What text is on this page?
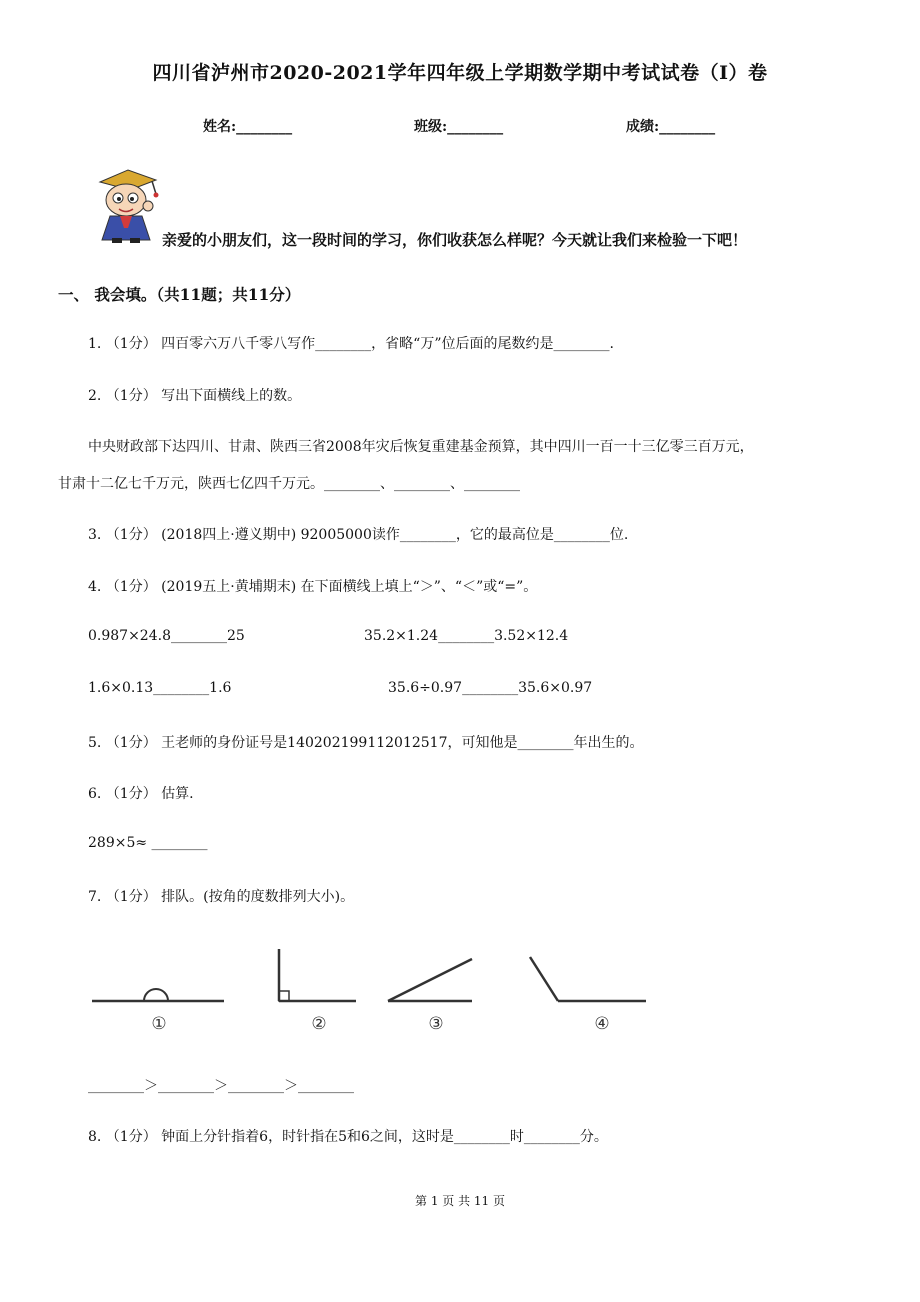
四川省泸州市2020-2021学年四年级上学期数学期中考试试卷（I）卷
姓名:________	班级:________	成绩:________
亲爱的小朋友们，这一段时间的学习，你们收获怎么样呢？今天就让我们来检验一下吧！
一、 我会填。（共11题；共11分）
1. （1分） 四百零六万八千零八写作________，省略“万”位后面的尾数约是________.
2. （1分） 写出下面横线上的数。
中央财政部下达四川、甘肃、陕西三省2008年灾后恢复重建基金预算，其中四川一百一十三亿零三百万元，
甘肃十二亿七千万元，陕西七亿四千万元。________、________、________
3. （1分） (2018四上·遵义期中) 92005000读作________，它的最高位是________位.
4. （1分） (2019五上·黄埔期末) 在下面横线上填上“＞”、“＜”或“=”。
0.987×24.8________25	35.2×1.24________3.52×12.4
1.6×0.13________1.6	35.6÷0.97________35.6×0.97
5. （1分） 王老师的身份证号是140202199112012517，可知他是________年出生的。
6. （1分） 估算.
289×5≈ ________
7. （1分） 排队。(按角的度数排列大小)。
①	②	③	④
________＞________＞________＞________
8. （1分） 钟面上分针指着6，时针指在5和6之间，这时是________时________分。
第 1 页 共 11 页
